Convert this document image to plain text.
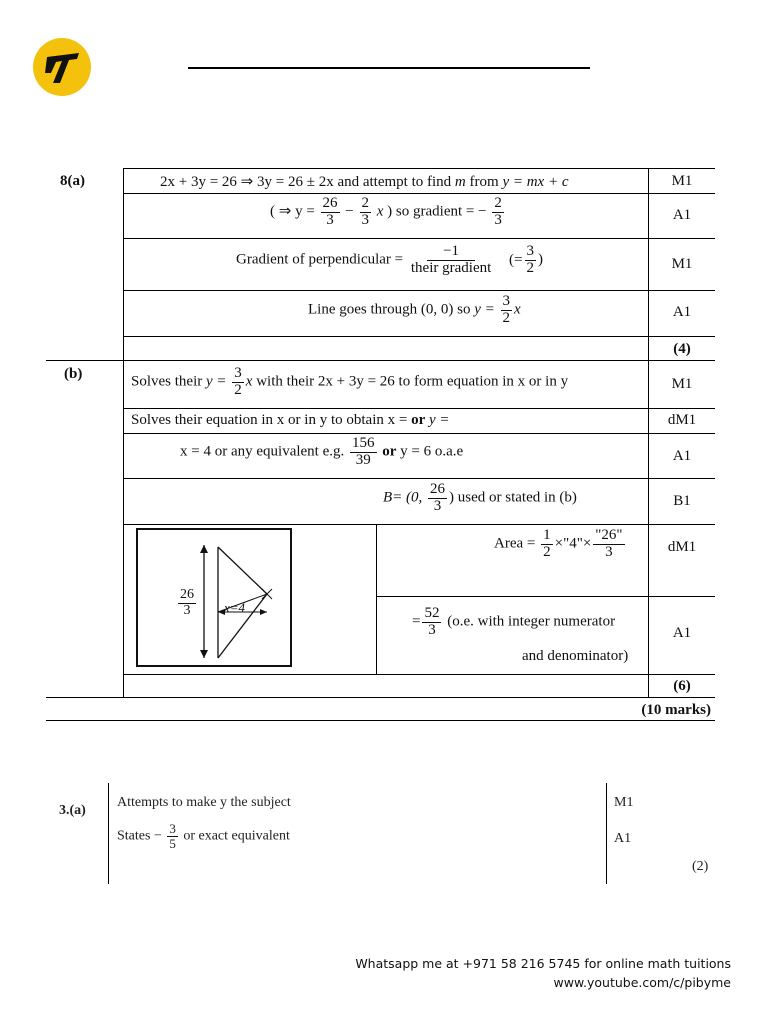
8(a)
(b)
2x + 3y = 26 ⇒ 3y = 26 ± 2x and attempt to find m from y = mx + c
( ⇒ $y = \frac{26}{3} - \frac{2}{3}$ x ) so gradient = − $\frac{2}{3}$
Gradient of perpendicular = $\frac{-1}{\text{their gradient}}$ (= $\frac{3}{2}$ )
Line goes through (0, 0) so $y = \frac{3}{2}$ x
Solves their $y = \frac{3}{2}$ x with their 2x + 3y = 26 to form equation in x or in y
Solves their equation in x or in y to obtain x = or y =
x = 4 or any equivalent e.g. $\frac{156}{39}$ or y = 6 o.a.e
B= (0, $\frac{26}{3}$ ) used or stated in (b)
$\frac{26}{3} x=4$
Area = $\frac{1}{2}$ ×"4"× $\frac{"26"}{3}$
= $\frac{52}{3} (o.e$. with integer numerator
and denominator)
M1
A1
M1
A1
(4)
M1
dM1
A1
B1
dM1
A1
(6)
(10 marks)
3.(a)
Attempts to make y the subject
States − $\frac{3}{5}$ or exact equivalent
M1
A1
(2)
Whatsapp me at +971 58 216 5745 for online math tuitions
www.youtube.com/c/pibyme
